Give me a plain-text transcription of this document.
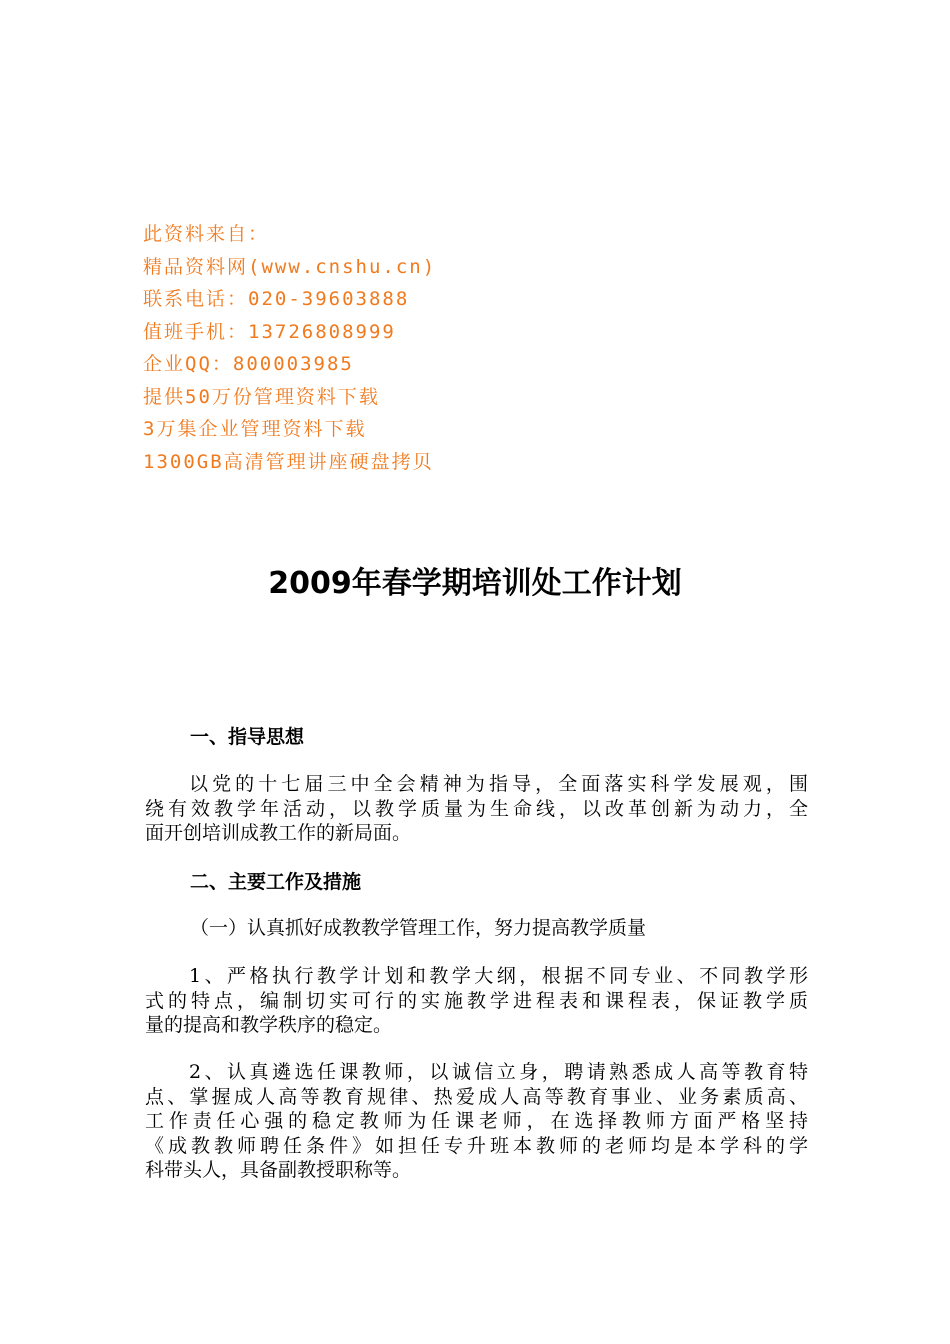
此资料来自：
精品资料网(www.cnshu.cn)
联系电话：020-39603888
值班手机：13726808999
企业QQ：800003985
提供50万份管理资料下载
3万集企业管理资料下载
1300GB高清管理讲座硬盘拷贝
2009年春学期培训处工作计划
一、指导思想
以党的十七届三中全会精神为指导，全面落实科学发展观，围
绕有效教学年活动，以教学质量为生命线，以改革创新为动力，全
面开创培训成教工作的新局面。
二、主要工作及措施
（一）认真抓好成教教学管理工作，努力提高教学质量
1、严格执行教学计划和教学大纲，根据不同专业、不同教学形
式的特点，编制切实可行的实施教学进程表和课程表，保证教学质
量的提高和教学秩序的稳定。
2、认真遴选任课教师，以诚信立身，聘请熟悉成人高等教育特
点、掌握成人高等教育规律、热爱成人高等教育事业、业务素质高、
工作责任心强的稳定教师为任课老师，在选择教师方面严格坚持
《成教教师聘任条件》如担任专升班本教师的老师均是本学科的学
科带头人，具备副教授职称等。
